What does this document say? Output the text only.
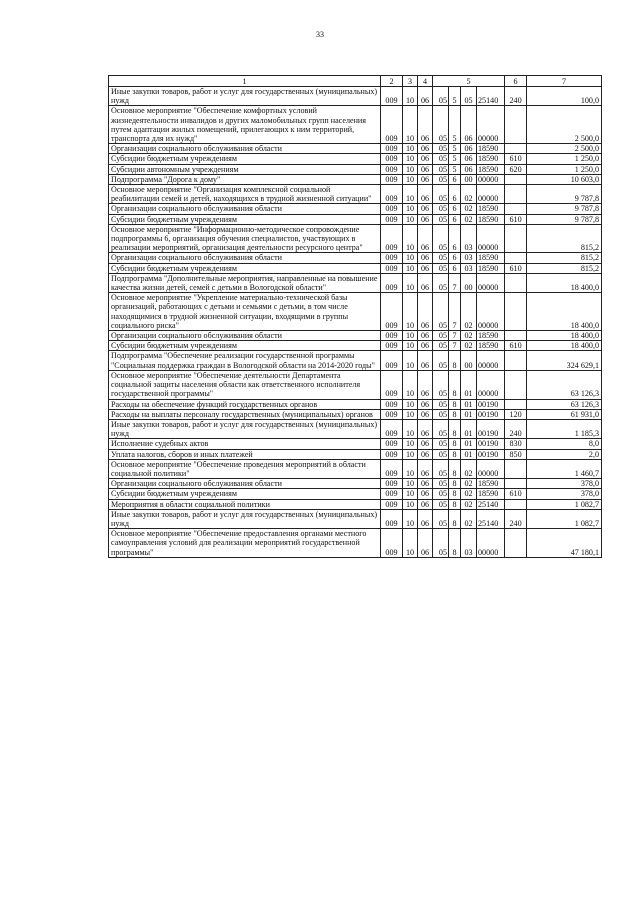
33
1	2	3	4	5				6	7
Иные закупки товаров, работ и услуг для государственных (муниципальных) нужд	009	10	06	05	5	05	25140	240	100,0
Основное мероприятие "Обеспечение комфортных условий жизнедеятельности инвалидов и других маломобильных групп населения путем адаптации жилых помещений, прилегающих к ним территорий, транспорта для их нужд"	009	10	06	05	5	06	00000		2 500,0
Организации социального обслуживания области	009	10	06	05	5	06	18590		2 500,0
Субсидии бюджетным учреждениям	009	10	06	05	5	06	18590	610	1 250,0
Субсидии автономным учреждениям	009	10	06	05	5	06	18590	620	1 250,0
Подпрограмма "Дорога к дому"	009	10	06	05	6	00	00000		10 603,0
Основное мероприятие "Организация комплексной социальной реабилитации семей и детей, находящихся в трудной жизненной ситуации"	009	10	06	05	6	02	00000		9 787,8
Организации социального обслуживания области	009	10	06	05	6	02	18590		9 787,8
Субсидии бюджетным учреждениям	009	10	06	05	6	02	18590	610	9 787,8
Основное мероприятие "Информационно-методическое сопровождение подпрограммы 6, организация обучения специалистов, участвующих в реализации мероприятий, организация деятельности ресурсного центра"	009	10	06	05	6	03	00000		815,2
Организации социального обслуживания области	009	10	06	05	6	03	18590		815,2
Субсидии бюджетным учреждениям	009	10	06	05	6	03	18590	610	815,2
Подпрограмма "Дополнительные мероприятия, направленные на повышение качества жизни детей, семей с детьми в Вологодской области"	009	10	06	05	7	00	00000		18 400,0
Основное мероприятие "Укрепление материально-технической базы организаций, работающих с детьми и семьями с детьми, в том числе находящимися в трудной жизненной ситуации, входящими в группы социального риска"	009	10	06	05	7	02	00000		18 400,0
Организации социального обслуживания области	009	10	06	05	7	02	18590		18 400,0
Субсидии бюджетным учреждениям	009	10	06	05	7	02	18590	610	18 400,0
Подпрограмма "Обеспечение реализации государственной программы "Социальная поддержка граждан в Вологодской области на 2014-2020 годы"	009	10	06	05	8	00	00000		324 629,1
Основное мероприятие "Обеспечение деятельности Департамента социальной защиты населения области как ответственного исполнителя государственной программы"	009	10	06	05	8	01	00000		63 126,3
Расходы на обеспечение функций государственных органов	009	10	06	05	8	01	00190		63 126,3
Расходы на выплаты персоналу государственных (муниципальных) органов	009	10	06	05	8	01	00190	120	61 931,0
Иные закупки товаров, работ и услуг для государственных (муниципальных) нужд	009	10	06	05	8	01	00190	240	1 185,3
Исполнение судебных актов	009	10	06	05	8	01	00190	830	8,0
Уплата налогов, сборов и иных платежей	009	10	06	05	8	01	00190	850	2,0
Основное мероприятие "Обеспечение проведения мероприятий в области социальной политики"	009	10	06	05	8	02	00000		1 460,7
Организации социального обслуживания области	009	10	06	05	8	02	18590		378,0
Субсидии бюджетным учреждениям	009	10	06	05	8	02	18590	610	378,0
Мероприятия в области социальной политики	009	10	06	05	8	02	25140		1 082,7
Иные закупки товаров, работ и услуг для государственных (муниципальных) нужд	009	10	06	05	8	02	25140	240	1 082,7
Основное мероприятие "Обеспечение предоставления органами местного самоуправления условий для реализации мероприятий государственной программы"	009	10	06	05	8	03	00000		47 180,1
